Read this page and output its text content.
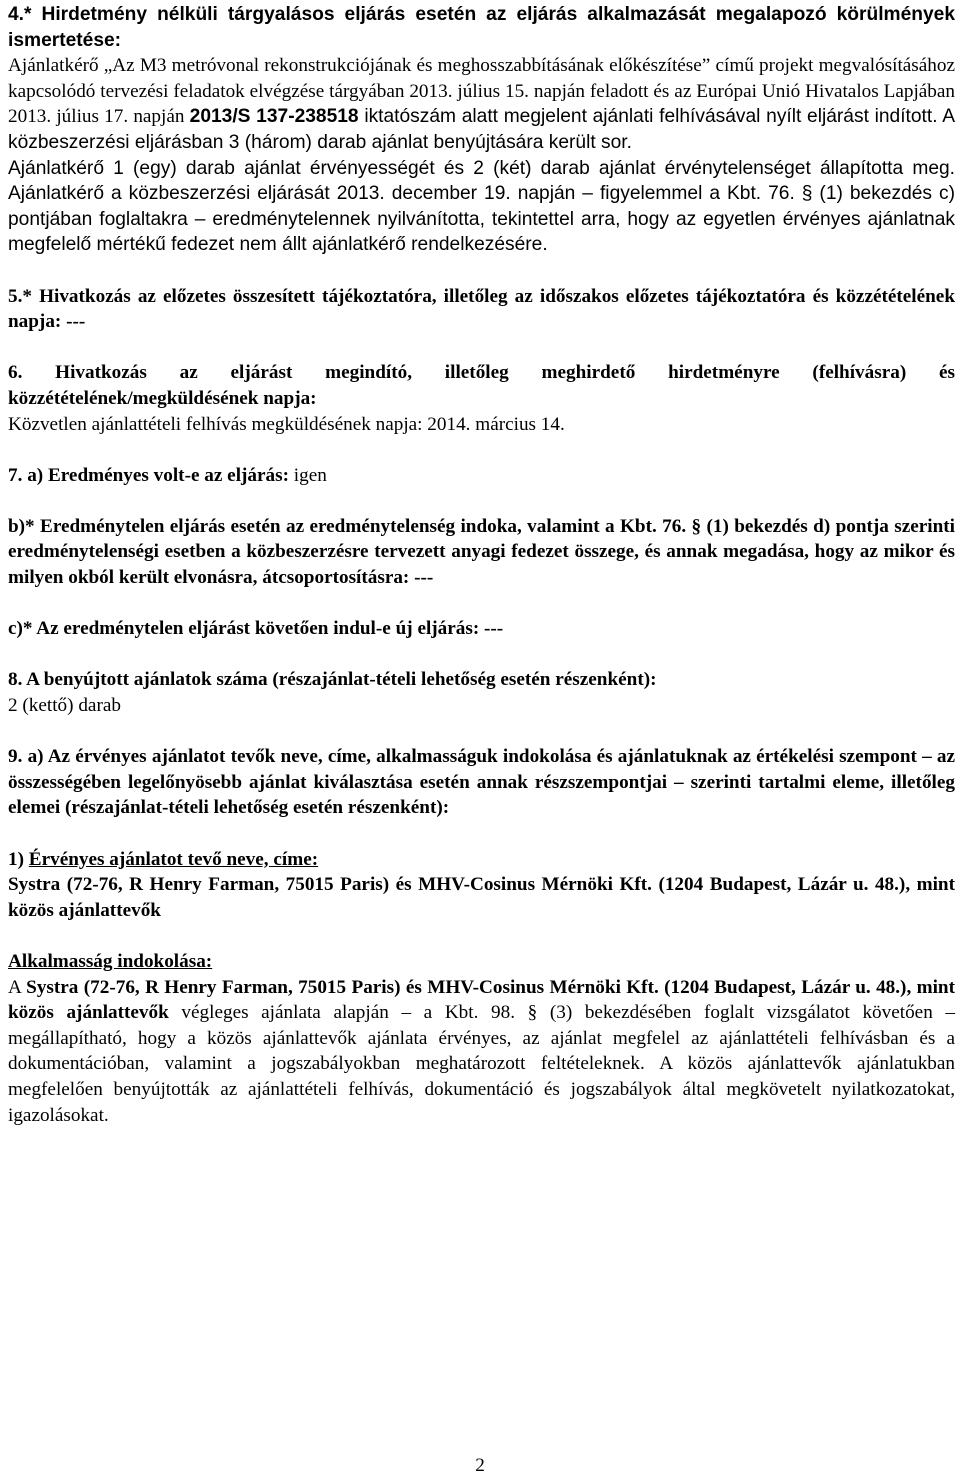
4.* Hirdetmény nélküli tárgyalásos eljárás esetén az eljárás alkalmazását megalapozó körülmények ismertetése:

Ajánlatkérő „Az M3 metróvonal rekonstrukciójának és meghosszabbításának előkészítése” című projekt megvalósításához kapcsolódó tervezési feladatok elvégzése tárgyában 2013. július 15. napján feladott és az Európai Unió Hivatalos Lapjában 2013. július 17. napján 2013/S 137-238518 iktatószám alatt megjelent ajánlati felhívásával nyílt eljárást indított. A közbeszerzési eljárásban 3 (három) darab ajánlat benyújtására került sor.

Ajánlatkérő 1 (egy) darab ajánlat érvényességét és 2 (két) darab ajánlat érvénytelenséget állapította meg. Ajánlatkérő a közbeszerzési eljárását 2013. december 19. napján – figyelemmel a Kbt. 76. § (1) bekezdés c) pontjában foglaltakra – eredménytelennek nyilvánította, tekintettel arra, hogy az egyetlen érvényes ajánlatnak megfelelő mértékű fedezet nem állt ajánlatkérő rendelkezésére.

5.* Hivatkozás az előzetes összesített tájékoztatóra, illetőleg az időszakos előzetes tájékoztatóra és közzétételének napja: ---

6. Hivatkozás az eljárást megindító, illetőleg meghirdető hirdetményre (felhívásra) és közzétételének/megküldésének napja:

Közvetlen ajánlattételi felhívás megküldésének napja: 2014. március 14.

7. a) Eredményes volt-e az eljárás: igen

b)* Eredménytelen eljárás esetén az eredménytelenség indoka, valamint a Kbt. 76. § (1) bekezdés d) pontja szerinti eredménytelenségi esetben a közbeszerzésre tervezett anyagi fedezet összege, és annak megadása, hogy az mikor és milyen okból került elvonásra, átcsoportosításra: ---

c)* Az eredménytelen eljárást követően indul-e új eljárás: ---

8. A benyújtott ajánlatok száma (részajánlat-tételi lehetőség esetén részenként):

2 (kettő) darab

9. a) Az érvényes ajánlatot tevők neve, címe, alkalmasságuk indokolása és ajánlatuknak az értékelési szempont – az összességében legelőnyösebb ajánlat kiválasztása esetén annak részszempontjai – szerinti tartalmi eleme, illetőleg elemei (részajánlat-tételi lehetőség esetén részenként):

1) Érvényes ajánlatot tevő neve, címe:

Systra (72-76, R Henry Farman, 75015 Paris) és MHV-Cosinus Mérnöki Kft. (1204 Budapest, Lázár u. 48.), mint közös ajánlattevők

Alkalmasság indokolása:

A Systra (72-76, R Henry Farman, 75015 Paris) és MHV-Cosinus Mérnöki Kft. (1204 Budapest, Lázár u. 48.), mint közös ajánlattevők végleges ajánlata alapján – a Kbt. 98. § (3) bekezdésében foglalt vizsgálatot követően – megállapítható, hogy a közös ajánlattevők ajánlata érvényes, az ajánlat megfelel az ajánlattételi felhívásban és a dokumentációban, valamint a jogszabályokban meghatározott feltételeknek. A közös ajánlattevők ajánlatukban megfelelően benyújtották az ajánlattételi felhívás, dokumentáció és jogszabályok által megkövetelt nyilatkozatokat, igazolásokat.

2
